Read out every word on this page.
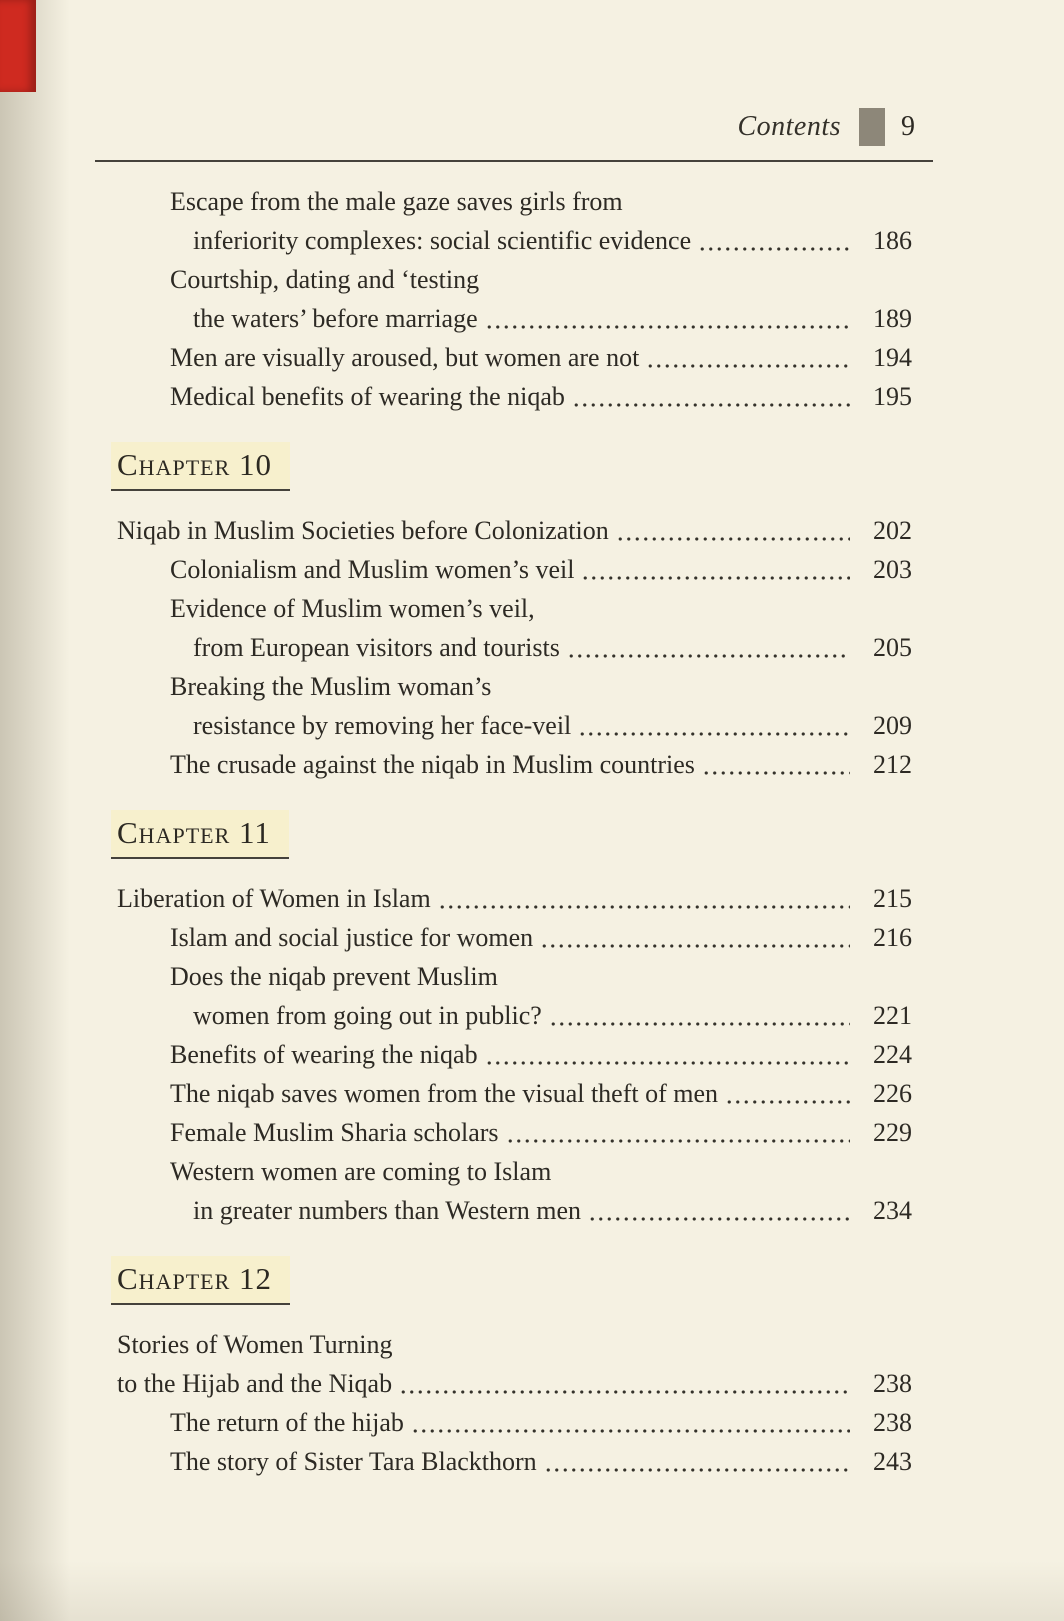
Contents 9
Escape from the male gaze saves girls from
inferiority complexes: social scientific evidence	186
Courtship, dating and ‘testing
the waters’ before marriage	189
Men are visually aroused, but women are not	194
Medical benefits of wearing the niqab	195
Chapter 10
Niqab in Muslim Societies before Colonization	202
Colonialism and Muslim women’s veil	203
Evidence of Muslim women’s veil,
from European visitors and tourists	205
Breaking the Muslim woman’s
resistance by removing her face-veil	209
The crusade against the niqab in Muslim countries	212
Chapter 11
Liberation of Women in Islam	215
Islam and social justice for women	216
Does the niqab prevent Muslim
women from going out in public?	221
Benefits of wearing the niqab	224
The niqab saves women from the visual theft of men	226
Female Muslim Sharia scholars	229
Western women are coming to Islam
in greater numbers than Western men	234
Chapter 12
Stories of Women Turning
to the Hijab and the Niqab	238
The return of the hijab	238
The story of Sister Tara Blackthorn	243
